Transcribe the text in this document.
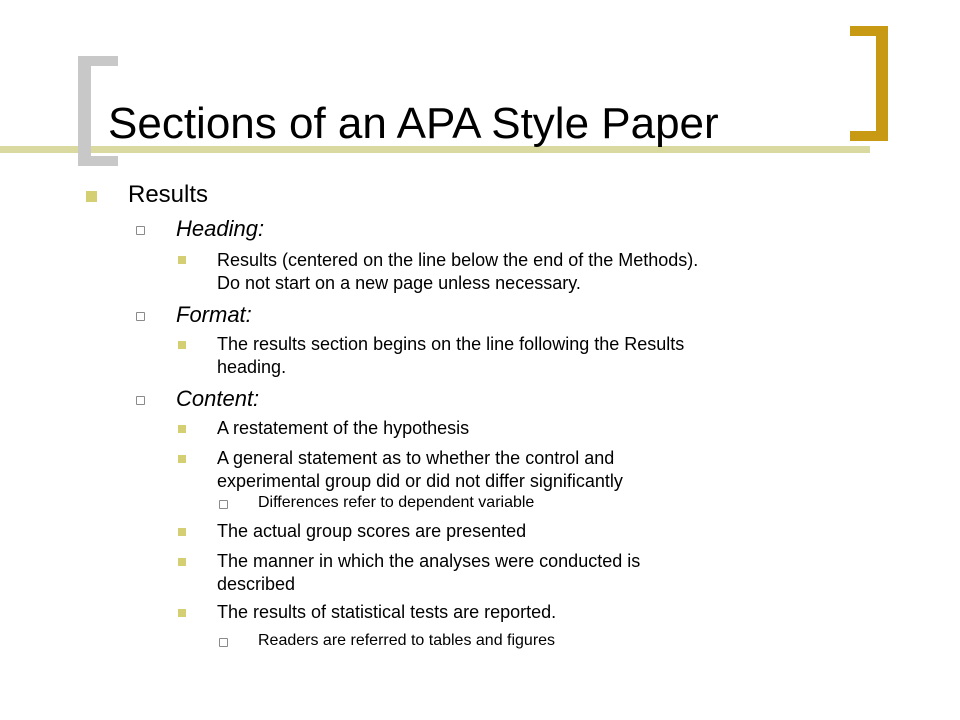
Sections of an APA Style Paper
Results
Heading:
Results (centered on the line below the end of the Methods).
Do not start on a new page unless necessary.
Format:
The results section begins on the line following the Results
heading.
Content:
A restatement of the hypothesis
A general statement as to whether the control and
experimental group did or did not differ significantly
Differences refer to dependent variable
The actual group scores are presented
The manner in which the analyses were conducted is
described
The results of statistical tests are reported.
Readers are referred to tables and figures
